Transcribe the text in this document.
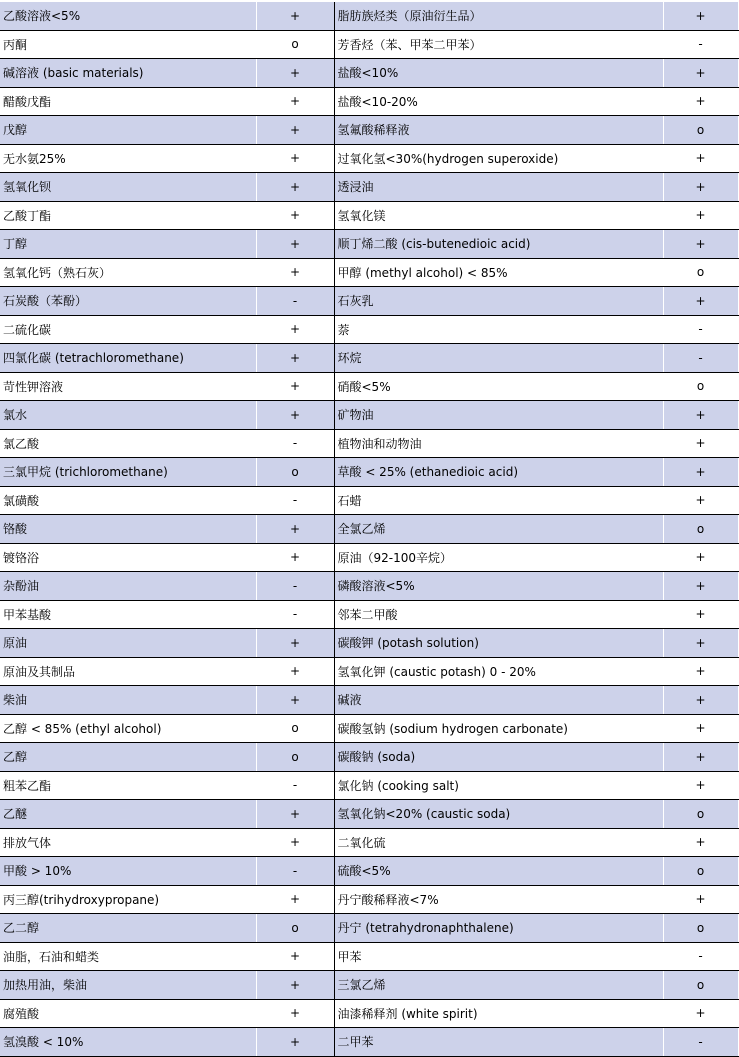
乙酸溶液<5%	+	脂肪族烃类（原油衍生品）	+
丙酮	o	芳香烃（苯、甲苯二甲苯）	-
碱溶液 (basic materials)	+	盐酸<10%	+
醋酸戊酯	+	盐酸<10-20%	+
戊醇	+	氢氟酸稀释液	o
无水氨25%	+	过氧化氢<30%(hydrogen superoxide)	+
氢氧化钡	+	透浸油	+
乙酸丁酯	+	氢氧化镁	+
丁醇	+	顺丁烯二酸 (cis-butenedioic acid)	+
氢氧化钙（熟石灰）	+	甲醇 (methyl alcohol) < 85%	o
石炭酸（苯酚）	-	石灰乳	+
二硫化碳	+	萘	-
四氯化碳 (tetrachloromethane)	+	环烷	-
苛性钾溶液	+	硝酸<5%	o
氯水	+	矿物油	+
氯乙酸	-	植物油和动物油	+
三氯甲烷 (trichloromethane)	o	草酸 < 25% (ethanedioic acid)	+
氯磺酸	-	石蜡	+
铬酸	+	全氯乙烯	o
镀铬浴	+	原油（92-100辛烷）	+
杂酚油	-	磷酸溶液<5%	+
甲苯基酸	-	邻苯二甲酸	+
原油	+	碳酸钾 (potash solution)	+
原油及其制品	+	氢氧化钾 (caustic potash) 0 - 20%	+
柴油	+	碱液	+
乙醇 < 85% (ethyl alcohol)	o	碳酸氢钠 (sodium hydrogen carbonate)	+
乙醇	o	碳酸钠 (soda)	+
粗苯乙酯	-	氯化钠 (cooking salt)	+
乙醚	+	氢氧化钠<20% (caustic soda)	o
排放气体	+	二氧化硫	+
甲酸 > 10%	-	硫酸<5%	o
丙三醇(trihydroxypropane)	+	丹宁酸稀释液<7%	+
乙二醇	o	丹宁 (tetrahydronaphthalene)	o
油脂，石油和蜡类	+	甲苯	-
加热用油，柴油	+	三氯乙烯	o
腐殖酸	+	油漆稀释剂 (white spirit)	+
氢溴酸 < 10%	+	二甲苯	-
